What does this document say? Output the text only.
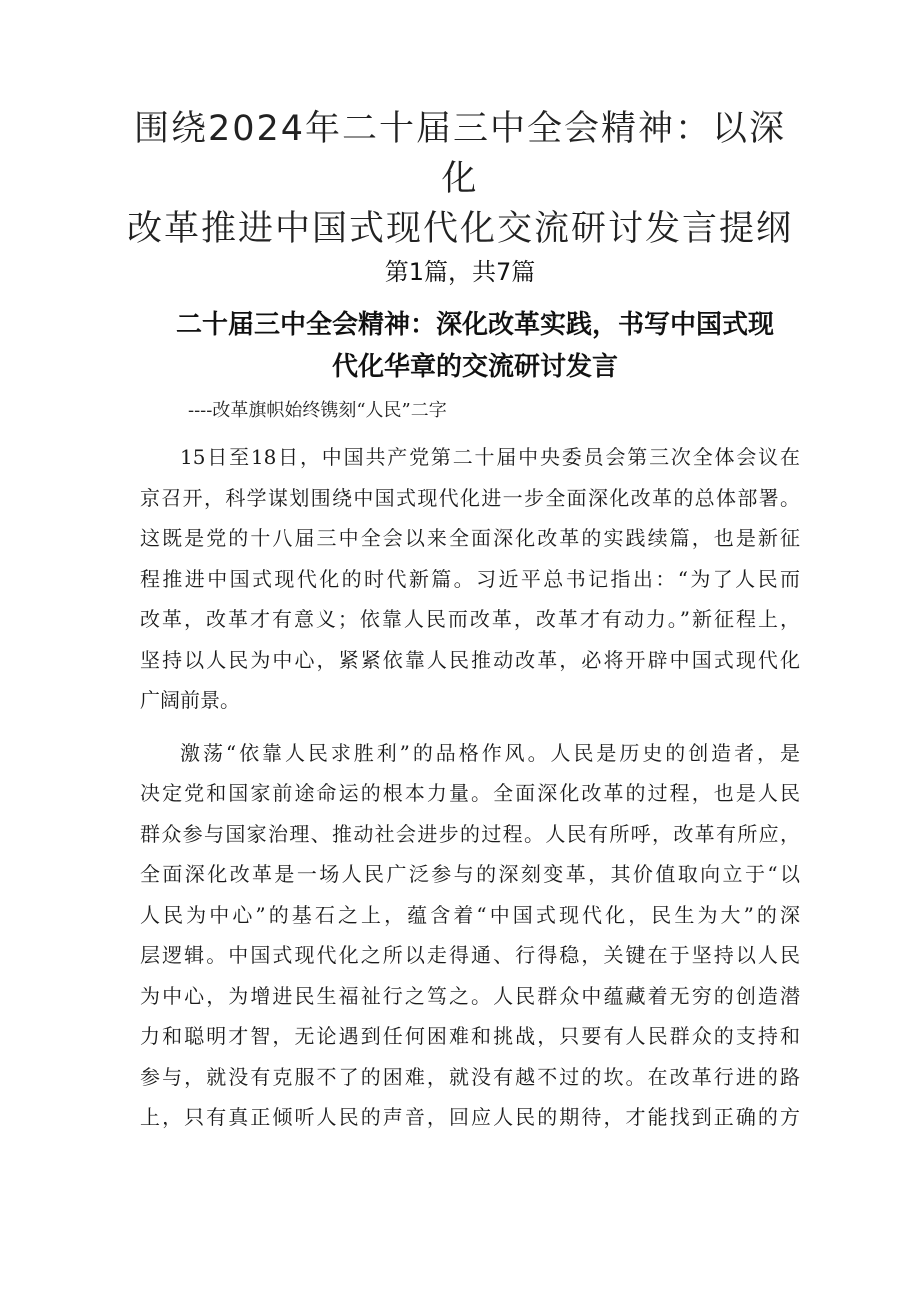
围绕2024年二十届三中全会精神：以深化
改革推进中国式现代化交流研讨发言提纲
第1篇，共7篇
二十届三中全会精神：深化改革实践，书写中国式现
代化华章的交流研讨发言
----改革旗帜始终镌刻“人民”二字
15日至18日，中国共产党第二十届中央委员会第三次全体会议在
京召开，科学谋划围绕中国式现代化进一步全面深化改革的总体部署。
这既是党的十八届三中全会以来全面深化改革的实践续篇，也是新征
程推进中国式现代化的时代新篇。习近平总书记指出：“为了人民而
改革，改革才有意义；依靠人民而改革，改革才有动力。”新征程上，
坚持以人民为中心，紧紧依靠人民推动改革，必将开辟中国式现代化
广阔前景。
激荡“依靠人民求胜利”的品格作风。人民是历史的创造者，是
决定党和国家前途命运的根本力量。全面深化改革的过程，也是人民
群众参与国家治理、推动社会进步的过程。人民有所呼，改革有所应，
全面深化改革是一场人民广泛参与的深刻变革，其价值取向立于“以
人民为中心”的基石之上，蕴含着“中国式现代化，民生为大”的深
层逻辑。中国式现代化之所以走得通、行得稳，关键在于坚持以人民
为中心，为增进民生福祉行之笃之。人民群众中蕴藏着无穷的创造潜
力和聪明才智，无论遇到任何困难和挑战，只要有人民群众的支持和
参与，就没有克服不了的困难，就没有越不过的坎。在改革行进的路
上，只有真正倾听人民的声音，回应人民的期待，才能找到正确的方
